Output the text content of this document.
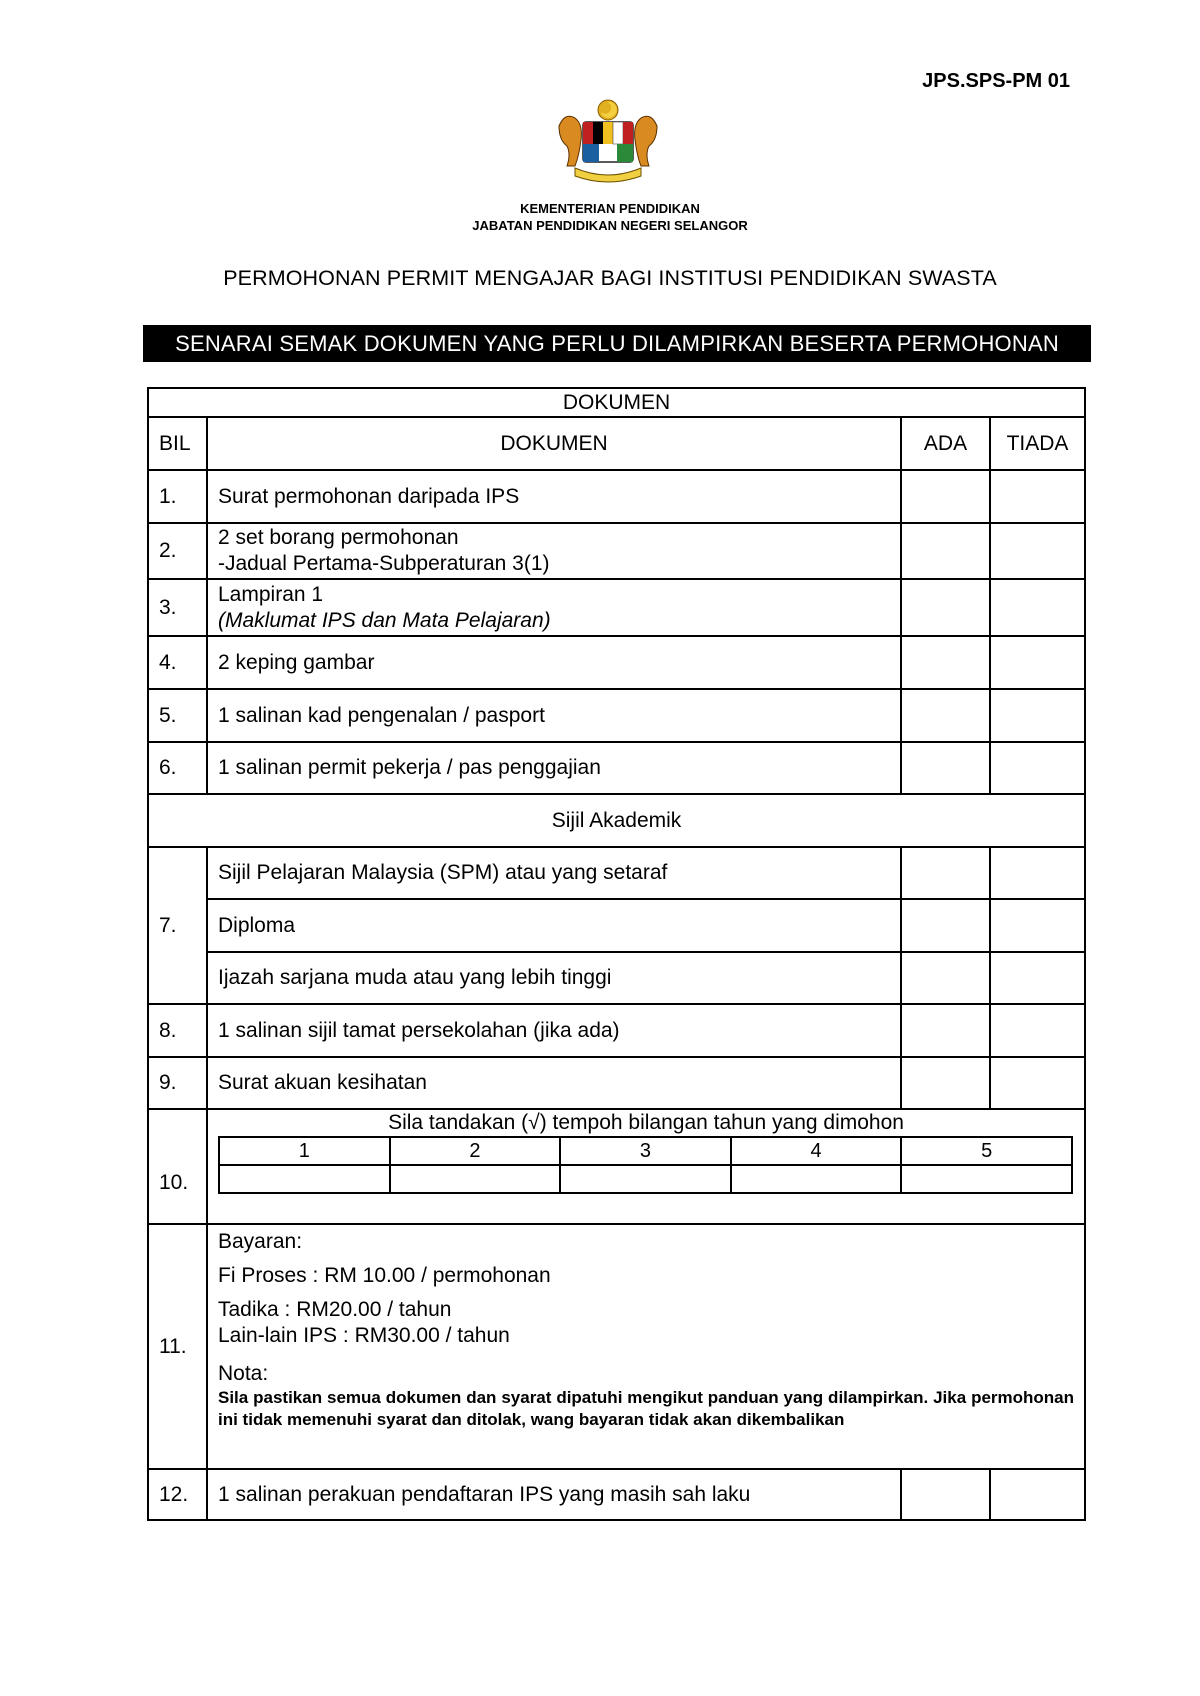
JPS.SPS-PM 01
KEMENTERIAN PENDIDIKAN
JABATAN PENDIDIKAN NEGERI SELANGOR
PERMOHONAN PERMIT MENGAJAR BAGI INSTITUSI PENDIDIKAN SWASTA
SENARAI SEMAK DOKUMEN YANG PERLU DILAMPIRKAN BESERTA PERMOHONAN
DOKUMEN
BIL	DOKUMEN	ADA	TIADA
1.	Surat permohonan daripada IPS		
2.	
2 set borang permohonan
-Jadual Pertama-Subperaturan 3(1)

3.	
Lampiran 1
(Maklumat IPS dan Mata Pelajaran)

4.	2 keping gambar		
5.	1 salinan kad pengenalan / pasport		
6.	1 salinan permit pekerja / pas penggajian		
Sijil Akademik
7.	Sijil Pelajaran Malaysia (SPM) atau yang setaraf		
Diploma		
Ijazah sarjana muda atau yang lebih tinggi		
8.	1 salinan sijil tamat persekolahan (jika ada)		
9.	Surat akuan kesihatan		
10.	
Sila tandakan (√) tempoh bilangan tahun yang dimohon
1	2	3	4	5

11.	
Bayaran:
Fi Proses : RM 10.00 / permohonan
Tadika : RM20.00 / tahun
Lain-lain IPS : RM30.00 / tahun
Nota:
Sila pastikan semua dokumen dan syarat dipatuhi mengikut panduan yang dilampirkan. Jika permohonan ini tidak memenuhi syarat dan ditolak, wang bayaran tidak akan dikembalikan

12.	1 salinan perakuan pendaftaran IPS yang masih sah laku		
